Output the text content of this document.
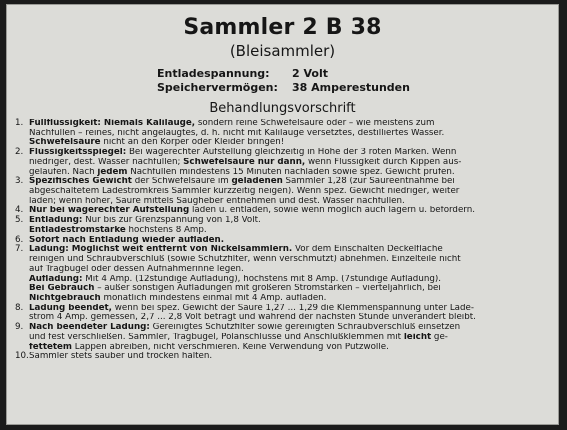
Sammler 2 B 38
(Bleisammler)
Entladespannung: 2 Volt
Speichervermögen: 38 Amperestunden
Behandlungsvorschrift
1. Füllflüssigkeit: Niemals Kalilauge, sondern reine Schwefelsäure oder – wie meistens zum
Nachfüllen – reines, nicht angelaugtes, d. h. nicht mit Kalilauge versetztes, destilliertes Wasser.
Schwefelsäure nicht an den Körper oder Kleider bringen!
2. Flüssigkeitsspiegel: Bei wagerechter Aufstellung gleichzeitig in Höhe der 3 roten Marken. Wenn
niedriger, dest. Wasser nachfüllen; Schwefelsäure nur dann, wenn Flüssigkeit durch Kippen aus-
gelaufen. Nach jedem Nachfüllen mindestens 15 Minuten nachladen sowie spez. Gewicht prüfen.
3. Spezifisches Gewicht der Schwefelsäure im geladenen Sammler 1,28 (zur Säureentnahme bei
abgeschaltetem Ladestromkreis Sammler kurzzeitig neigen). Wenn spez. Gewicht niedriger, weiter
laden; wenn höher, Säure mittels Saugheber entnehmen und dest. Wasser nachfüllen.
4. Nur bei wagerechter Aufstellung laden u. entladen, sowie wenn möglich auch lagern u. befördern.
5. Entladung: Nur bis zur Grenzspannung von 1,8 Volt.
Entladestromstärke höchstens 8 Amp.
6. Sofort nach Entladung wieder aufladen.
7. Ladung: Möglichst weit entfernt von Nickelsammlern. Vor dem Einschalten Deckelfläche
reinigen und Schraubverschluß (sowie Schutzfilter, wenn verschmutzt) abnehmen. Einzelteile nicht
auf Tragbügel oder dessen Aufnahmerinne legen.
Aufladung: Mit 4 Amp. (12stündige Aufladung), höchstens mit 8 Amp. (7stündige Aufladung).
Bei Gebrauch – außer sonstigen Aufladungen mit größeren Stromstärken – vierteljährlich, bei
Nichtgebrauch monatlich mindestens einmal mit 4 Amp. aufladen.
8. Ladung beendet, wenn bei spez. Gewicht der Säure 1,27 ... 1,29 die Klemmenspannung unter Lade-
strom 4 Amp. gemessen, 2,7 ... 2,8 Volt beträgt und während der nächsten Stunde unverändert bleibt.
9. Nach beendeter Ladung: Gereinigtes Schutzfilter sowie gereinigten Schraubverschluß einsetzen
und fest verschließen. Sammler, Tragbügel, Polanschlüsse und Anschlußklemmen mit leicht ge-
fettetem Lappen abreiben, nicht verschmieren. Keine Verwendung von Putzwolle.
10. Sammler stets sauber und trocken halten.
